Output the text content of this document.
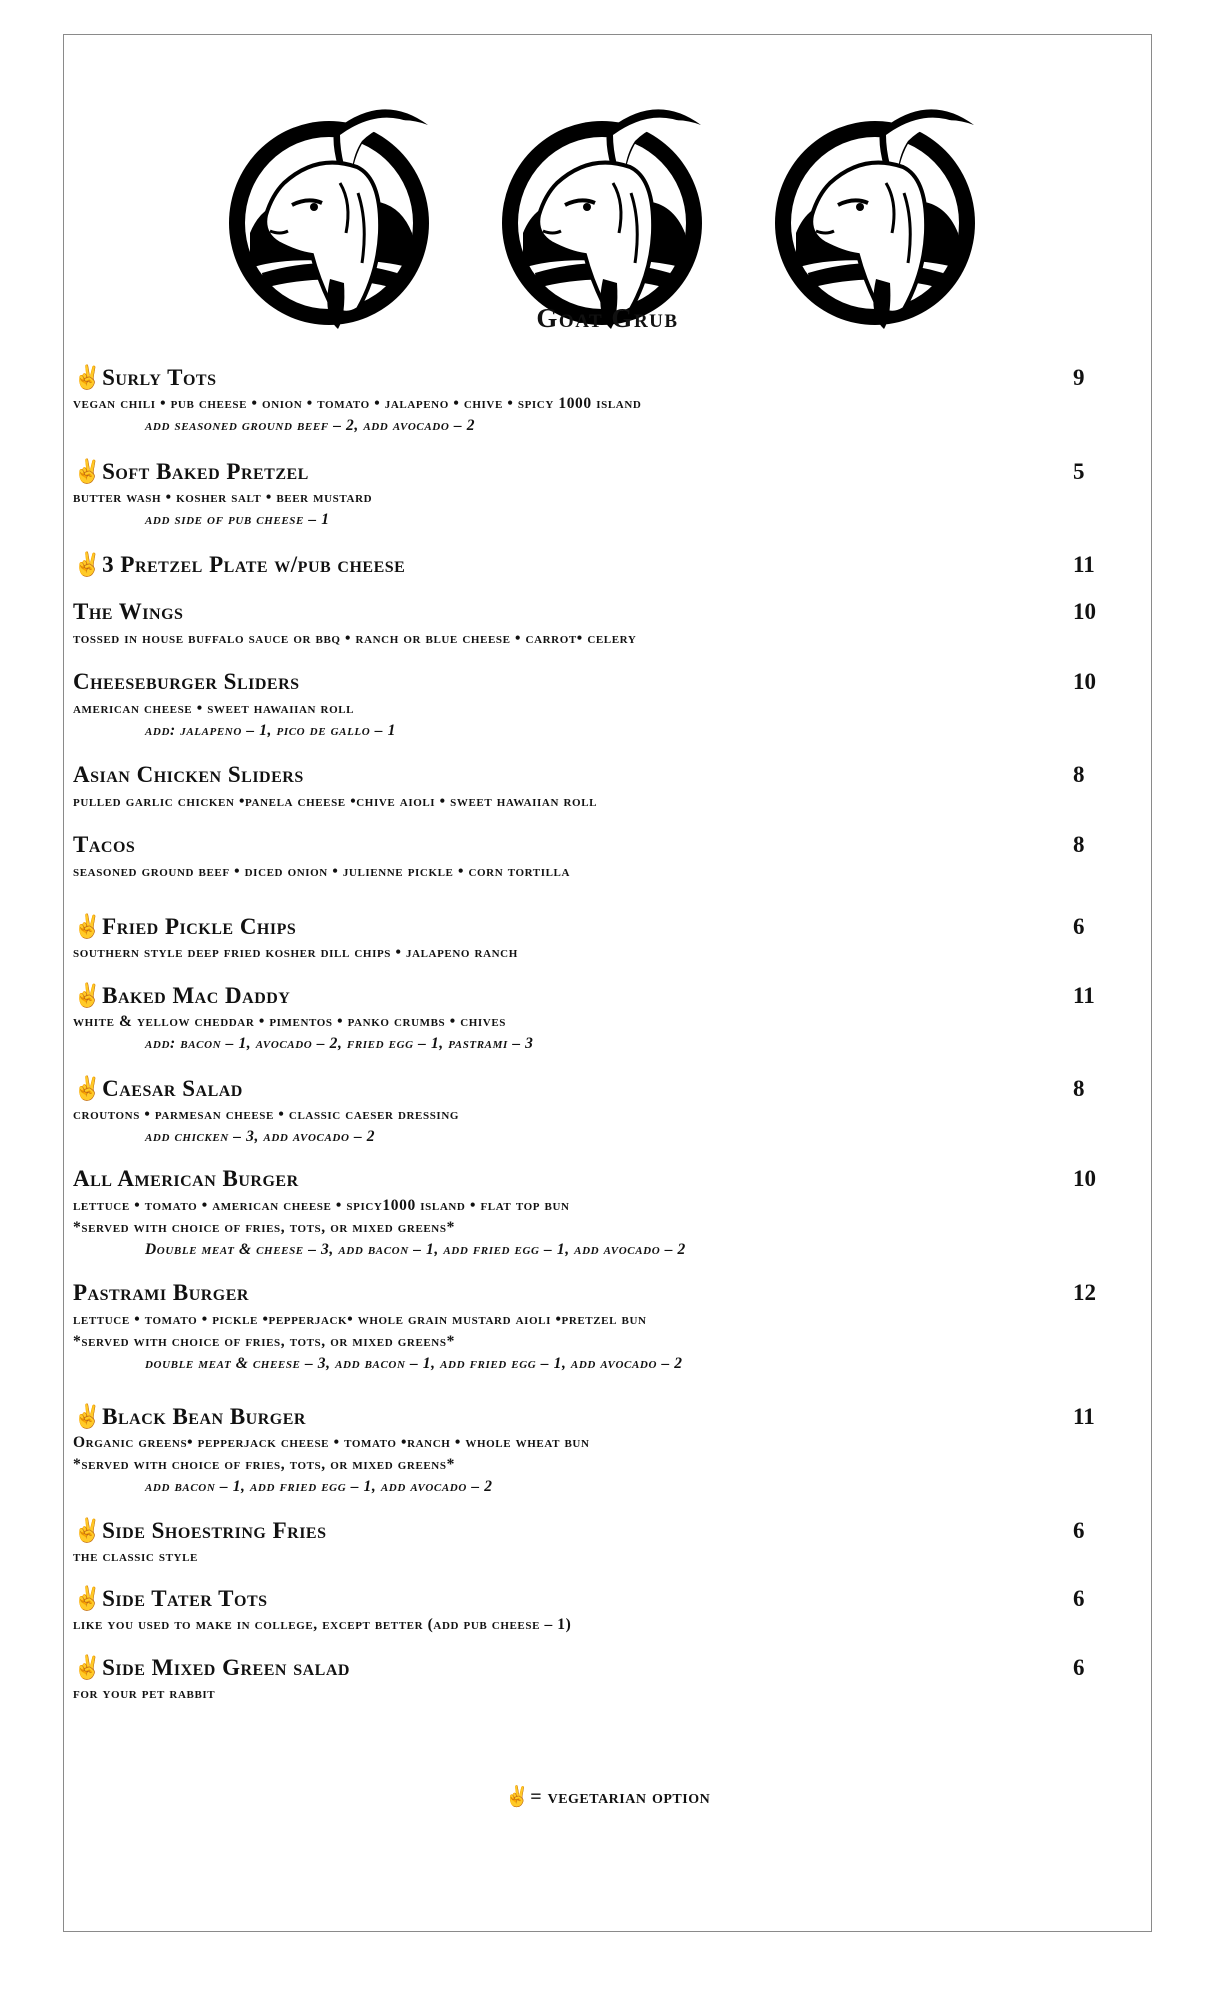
Goat Grub
✌Surly Tots	9
vegan chili • pub cheese • onion • tomato • jalapeno • chive • spicy 1000 island
add seasoned ground beef – 2, add avocado – 2
✌Soft Baked Pretzel	5
butter wash • kosher salt • beer mustard
add side of pub cheese – 1
✌3 Pretzel Plate w/pub cheese	11
The Wings	10
tossed in house buffalo sauce or bbq • ranch or blue cheese • carrot• celery
Cheeseburger Sliders	10
american cheese • sweet hawaiian roll
add: jalapeno – 1, pico de gallo – 1
Asian Chicken Sliders	8
pulled garlic chicken •panela cheese •chive aioli • sweet hawaiian roll
Tacos	8
seasoned ground beef • diced onion • julienne pickle • corn tortilla
✌Fried Pickle Chips	6
southern style deep fried kosher dill chips • jalapeno ranch
✌Baked Mac Daddy	11
white & yellow cheddar • pimentos • panko crumbs • chives
add: bacon – 1, avocado – 2, fried egg – 1, pastrami – 3
✌Caesar Salad	8
croutons • parmesan cheese • classic caeser dressing
add chicken – 3, add avocado – 2
All American Burger	10
lettuce • tomato • american cheese • spicy1000 island • flat top bun
*served with choice of fries, tots, or mixed greens*
Double meat & cheese – 3, add bacon – 1, add fried egg – 1, add avocado – 2
Pastrami Burger	12
lettuce • tomato • pickle •pepperjack• whole grain mustard aioli •pretzel bun
*served with choice of fries, tots, or mixed greens*
double meat & cheese – 3, add bacon – 1, add fried egg – 1, add avocado – 2
✌Black Bean Burger	11
Organic greens• pepperjack cheese • tomato •ranch • whole wheat bun
*served with choice of fries, tots, or mixed greens*
add bacon – 1, add fried egg – 1, add avocado – 2
✌Side Shoestring Fries	6
the classic style
✌Side Tater Tots	6
like you used to make in college, except better (add pub cheese – 1)
✌Side Mixed Green salad	6
for your pet rabbit
✌= vegetarian option
